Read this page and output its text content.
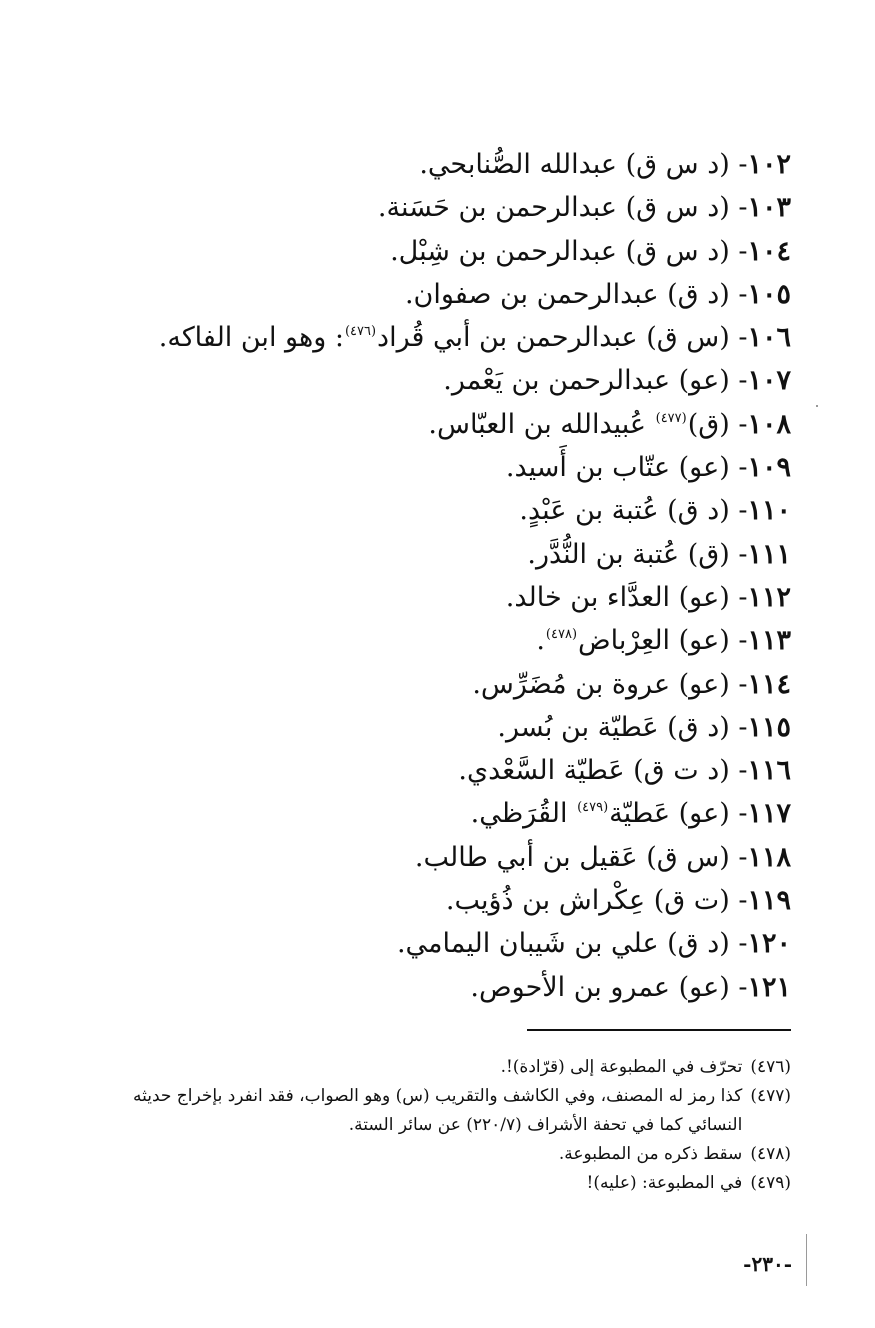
١٠٢- (د س ق) عبدالله الصُّنابحي.
١٠٣- (د س ق) عبدالرحمن بن حَسَنة.
١٠٤- (د س ق) عبدالرحمن بن شِبْل.
١٠٥- (د ق) عبدالرحمن بن صفوان.
١٠٦- (س ق) عبدالرحمن بن أبي قُراد$^{(٤٧٦)}$: وهو ابن الفاكه.
١٠٧- (عو) عبدالرحمن بن يَعْمر.
١٠٨- (ق)$^{(٤٧٧)}$ عُبيدالله بن العبّاس.
١٠٩- (عو) عتّاب بن أَسيد.
١١٠- (د ق) عُتبة بن عَبْدٍ.
١١١- (ق) عُتبة بن النُّدَّر.
١١٢- (عو) العدَّاء بن خالد.
١١٣- (عو) العِرْباض$^{(٤٧٨)}$.
١١٤- (عو) عروة بن مُضَرِّس.
١١٥- (د ق) عَطيّة بن بُسر.
١١٦- (د ت ق) عَطيّة السَّعْدي.
١١٧- (عو) عَطيّة$^{(٤٧٩)}$ القُرَظي.
١١٨- (س ق) عَقيل بن أبي طالب.
١١٩- (ت ق) عِكْراش بن ذُؤيب.
١٢٠- (د ق) علي بن شَيبان اليمامي.
١٢١- (عو) عمرو بن الأحوص.
(٤٧٦)
تحرّف في المطبوعة إلى (قرّادة)!.
(٤٧٧)
كذا رمز له المصنف، وفي الكاشف والتقريب (س) وهو الصواب، فقد انفرد بإخراج حديثه النسائي كما في تحفة الأشراف (٢٢٠/٧) عن سائر الستة.
(٤٧٨)
سقط ذكره من المطبوعة.
(٤٧٩)
في المطبوعة: (عليه)!
-٢٣٠-
